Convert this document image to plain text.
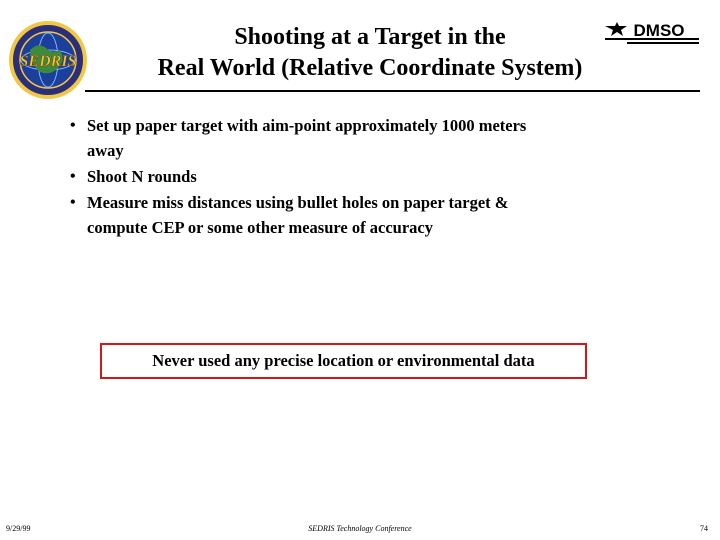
SEDRIS
Shooting at a Target in the
Real World (Relative Coordinate System)
DMSO
• Set up paper target with aim-point approximately 1000 meters
away
• Shoot N rounds
• Measure miss distances using bullet holes on paper target &
compute CEP or some other measure of accuracy
Never used any precise location or environmental data
9/29/99	SEDRIS Technology Conference	74
